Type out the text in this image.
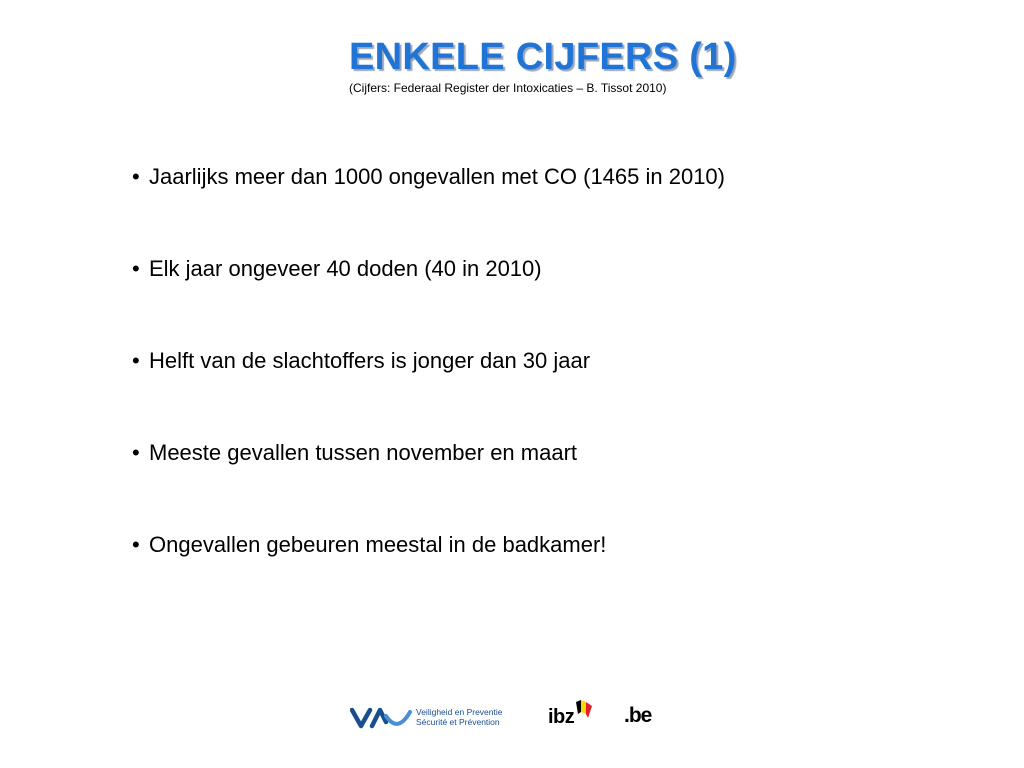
ENKELE CIJFERS (1)
(Cijfers: Federaal Register der Intoxicaties – B. Tissot 2010)
• Jaarlijks meer dan 1000 ongevallen met CO (1465 in 2010)
• Elk jaar ongeveer 40 doden (40 in 2010)
• Helft van de slachtoffers is jonger dan 30 jaar
• Meeste gevallen tussen november en maart
• Ongevallen gebeuren meestal in de badkamer!
Veiligheid en Preventie
Sécurité et Prévention ibz .be
